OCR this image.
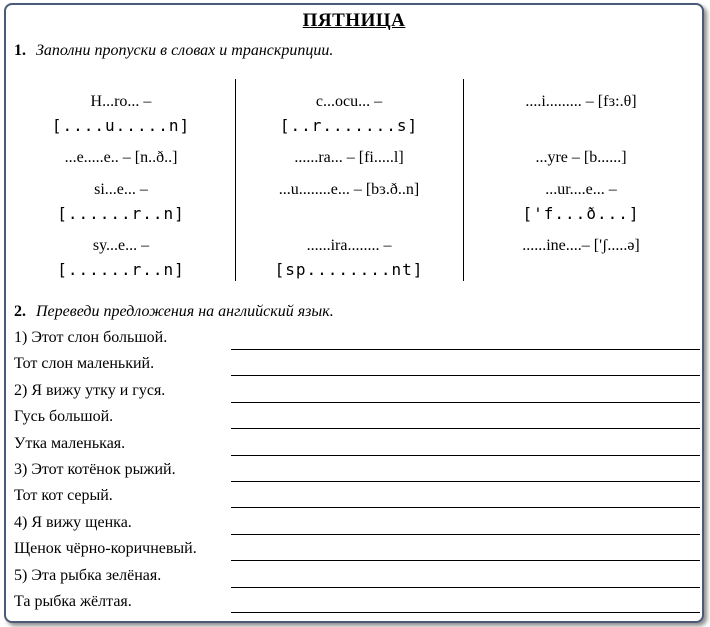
ПЯТНИЦА
1. Заполни пропуски в словах и транскрипции.
H...ro... –
[....u.....n]
...e.....e.. – [n..ð..]
si...e... –
[......r..n]
sy...e... –
[......r..n]
c...ocu... –
[..r.......s]
......ra... – [fi.....l]
...u........e... – [bɜ.ð..n]
......ira........ –
[sp........nt]
....i......... – [fɜ:.θ]
...yre – [b......]
...ur....e... –
['f...ð...]
......ine....– ['ʃ.....ə]
2. Переведи предложения на английский язык.
1) Этот слон большой.
Тот слон маленький.
2) Я вижу утку и гуся.
Гусь большой.
Утка маленькая.
3) Этот котёнок рыжий.
Тот кот серый.
4) Я вижу щенка.
Щенок чёрно-коричневый.
5) Эта рыбка зелёная.
Та рыбка жёлтая.
